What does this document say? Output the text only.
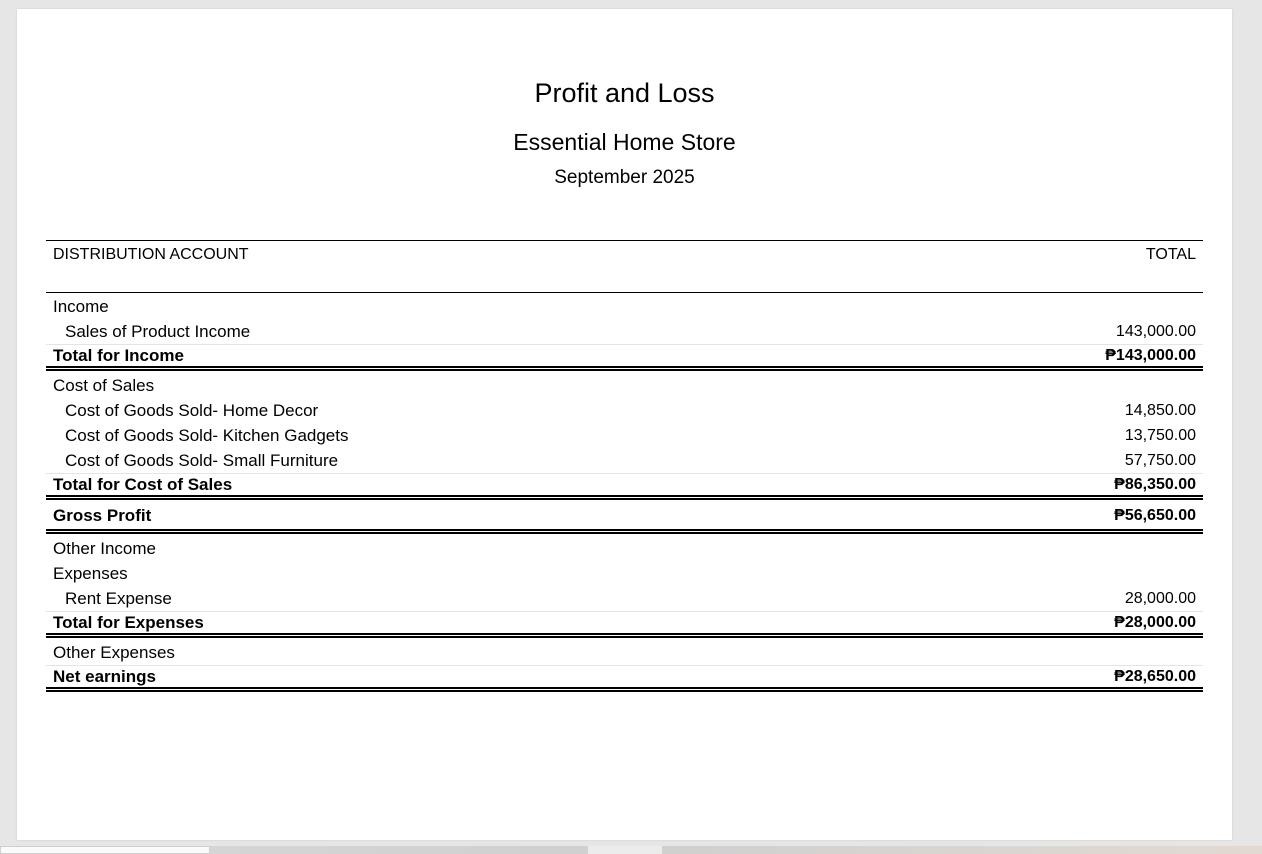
Profit and Loss
Essential Home Store
September 2025
DISTRIBUTION ACCOUNT	TOTAL
Income
Sales of Product Income	143,000.00
Total for Income	₱143,000.00
Cost of Sales
Cost of Goods Sold- Home Decor	14,850.00
Cost of Goods Sold- Kitchen Gadgets	13,750.00
Cost of Goods Sold- Small Furniture	57,750.00
Total for Cost of Sales	₱86,350.00
Gross Profit	₱56,650.00
Other Income
Expenses
Rent Expense	28,000.00
Total for Expenses	₱28,000.00
Other Expenses
Net earnings	₱28,650.00
